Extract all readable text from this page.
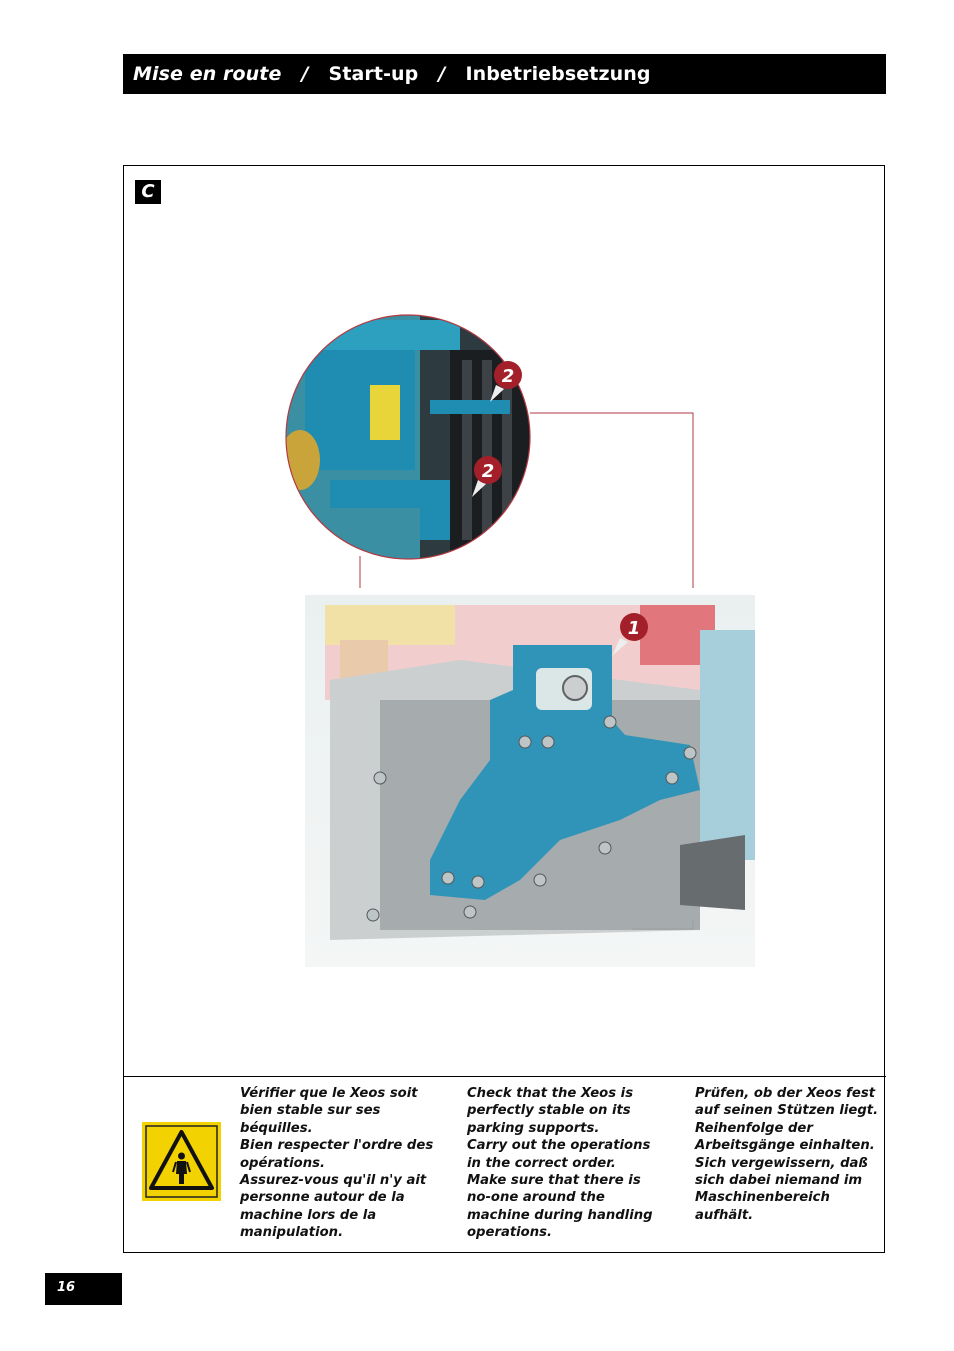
Mise en route / Start-up / Inbetriebsetzung
C
2
2
1
Vérifier que le Xeos soit
bien stable sur ses
béquilles.
Bien respecter l'ordre des
opérations.
Assurez-vous qu'il n'y ait
personne autour de la
machine lors de la
manipulation.
Check that the Xeos is
perfectly stable on its
parking supports.
Carry out the operations
in the correct order.
Make sure that there is
no-one around the
machine during handling
operations.
Prüfen, ob der Xeos fest
auf seinen Stützen liegt.
Reihenfolge der
Arbeitsgänge einhalten.
Sich vergewissern, daß
sich dabei niemand im
Maschinenbereich
aufhält.
16
